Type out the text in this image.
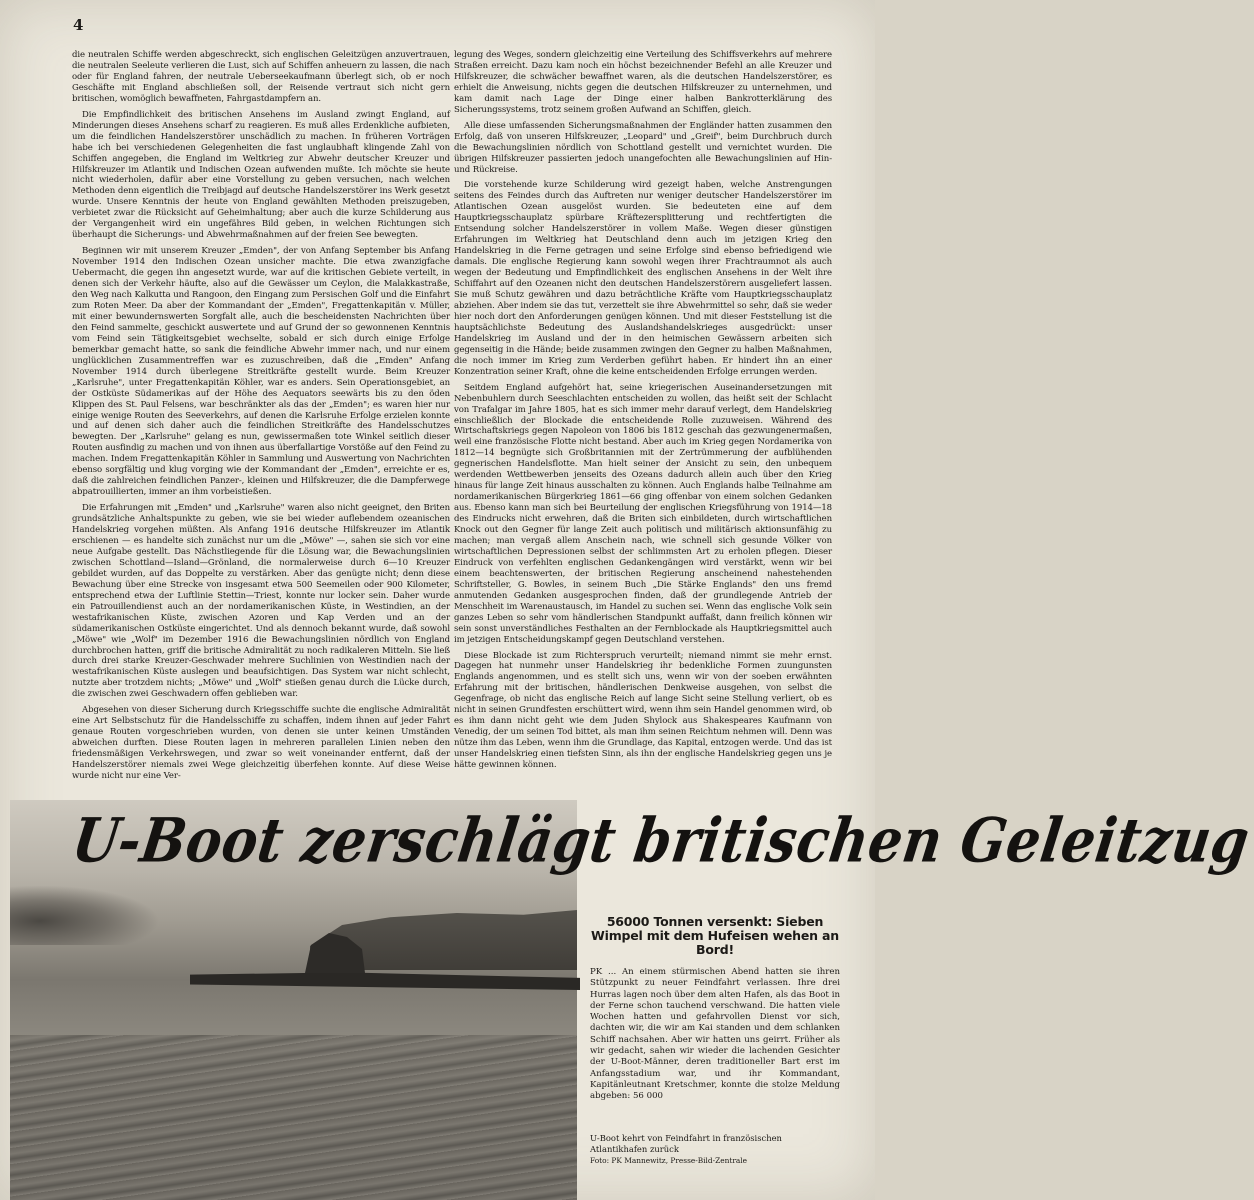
4

die neutralen Schiffe werden abgeschreckt, sich englischen Geleitzügen anzuvertrauen, die neutralen Seeleute verlieren die Lust, sich auf Schiffen anheuern zu lassen, die nach oder für England fahren, der neutrale Ueberseekaufmann überlegt sich, ob er noch Geschäfte mit England abschließen soll, der Reisende vertraut sich nicht gern britischen, womöglich bewaffneten, Fahrgastdampfern an.

Die Empfindlichkeit des britischen Ansehens im Ausland zwingt England, auf Minderungen dieses Ansehens scharf zu reagieren. Es muß alles Erdenkliche aufbieten, um die feindlichen Handelszerstörer unschädlich zu machen. In früheren Vorträgen habe ich bei verschiedenen Gelegenheiten die fast unglaubhaft klingende Zahl von Schiffen angegeben, die England im Weltkrieg zur Abwehr deutscher Kreuzer und Hilfskreuzer im Atlantik und Indischen Ozean aufwenden mußte. Ich möchte sie heute nicht wiederholen, dafür aber eine Vorstellung zu geben versuchen, nach welchen Methoden denn eigentlich die Treibjagd auf deutsche Handelszerstörer ins Werk gesetzt wurde. Unsere Kenntnis der heute von England gewählten Methoden preiszugeben, verbietet zwar die Rücksicht auf Geheimhaltung; aber auch die kurze Schilderung aus der Vergangenheit wird ein ungefähres Bild geben, in welchen Richtungen sich überhaupt die Sicherungs- und Abwehrmaßnahmen auf der freien See bewegten.

Beginnen wir mit unserem Kreuzer „Emden", der von Anfang September bis Anfang November 1914 den Indischen Ozean unsicher machte. Die etwa zwanzigfache Uebermacht, die gegen ihn angesetzt wurde, war auf die kritischen Gebiete verteilt, in denen sich der Verkehr häufte, also auf die Gewässer um Ceylon, die Malakkastraße, den Weg nach Kalkutta und Rangoon, den Eingang zum Persischen Golf und die Einfahrt zum Roten Meer. Da aber der Kommandant der „Emden", Fregattenkapitän v. Müller, mit einer bewundernswerten Sorgfalt alle, auch die bescheidensten Nachrichten über den Feind sammelte, geschickt auswertete und auf Grund der so gewonnenen Kenntnis vom Feind sein Tätigkeitsgebiet wechselte, sobald er sich durch einige Erfolge bemerkbar gemacht hatte, so sank die feindliche Abwehr immer nach, und nur einem unglücklichen Zusammentreffen war es zuzuschreiben, daß die „Emden" Anfang November 1914 durch überlegene Streitkräfte gestellt wurde. Beim Kreuzer „Karlsruhe", unter Fregattenkapitän Köhler, war es anders. Sein Operationsgebiet, an der Ostküste Südamerikas auf der Höhe des Aequators seewärts bis zu den öden Klippen des St. Paul Felsens, war beschränkter als das der „Emden"; es waren hier nur einige wenige Routen des Seeverkehrs, auf denen die Karlsruhe Erfolge erzielen konnte und auf denen sich daher auch die feindlichen Streitkräfte des Handelsschutzes bewegten. Der „Karlsruhe" gelang es nun, gewissermaßen tote Winkel seitlich dieser Routen ausfindig zu machen und von ihnen aus überfallartige Vorstöße auf den Feind zu machen. Indem Fregattenkapitän Köhler in Sammlung und Auswertung von Nachrichten ebenso sorgfältig und klug vorging wie der Kommandant der „Emden", erreichte er es, daß die zahlreichen feindlichen Panzer-, kleinen und Hilfskreuzer, die die Dampferwege abpatrouillierten, immer an ihm vorbeistießen.

Die Erfahrungen mit „Emden" und „Karlsruhe" waren also nicht geeignet, den Briten grundsätzliche Anhaltspunkte zu geben, wie sie bei wieder auflebendem ozeanischen Handelskrieg vorgehen müßten. Als Anfang 1916 deutsche Hilfskreuzer im Atlantik erschienen — es handelte sich zunächst nur um die „Möwe" —, sahen sie sich vor eine neue Aufgabe gestellt. Das Nächstliegende für die Lösung war, die Bewachungslinien zwischen Schottland—Island—Grönland, die normalerweise durch 6—10 Kreuzer gebildet wurden, auf das Doppelte zu verstärken. Aber das genügte nicht; denn diese Bewachung über eine Strecke von insgesamt etwa 500 Seemeilen oder 900 Kilometer, entsprechend etwa der Luftlinie Stettin—Triest, konnte nur locker sein. Daher wurde ein Patrouillendienst auch an der nordamerikanischen Küste, in Westindien, an der westafrikanischen Küste, zwischen Azoren und Kap Verden und an der südamerikanischen Ostküste eingerichtet. Und als dennoch bekannt wurde, daß sowohl „Möwe" wie „Wolf" im Dezember 1916 die Bewachungslinien nördlich von England durchbrochen hatten, griff die britische Admiralität zu noch radikaleren Mitteln. Sie ließ durch drei starke Kreuzer-Geschwader mehrere Suchlinien von Westindien nach der westafrikanischen Küste auslegen und beaufsichtigen. Das System war nicht schlecht, nutzte aber trotzdem nichts; „Möwe" und „Wolf" stießen genau durch die Lücke durch, die zwischen zwei Geschwadern offen geblieben war.

Abgesehen von dieser Sicherung durch Kriegsschiffe suchte die englische Admiralität eine Art Selbstschutz für die Handelsschiffe zu schaffen, indem ihnen auf jeder Fahrt genaue Routen vorgeschrieben wurden, von denen sie unter keinen Umständen abweichen durften. Diese Routen lagen in mehreren parallelen Linien neben den friedensmäßigen Verkehrswegen, und zwar so weit voneinander entfernt, daß der Handelszerstörer niemals zwei Wege gleichzeitig überfehen konnte. Auf diese Weise wurde nicht nur eine Ver-

legung des Weges, sondern gleichzeitig eine Verteilung des Schiffsverkehrs auf mehrere Straßen erreicht. Dazu kam noch ein höchst bezeichnender Befehl an alle Kreuzer und Hilfskreuzer, die schwächer bewaffnet waren, als die deutschen Handelszerstörer, es erhielt die Anweisung, nichts gegen die deutschen Hilfskreuzer zu unternehmen, und kam damit nach Lage der Dinge einer halben Bankrotterklärung des Sicherungssystems, trotz seinem großen Aufwand an Schiffen, gleich.

Alle diese umfassenden Sicherungsmaßnahmen der Engländer hatten zusammen den Erfolg, daß von unseren Hilfskreuzer, „Leopard" und „Greif", beim Durchbruch durch die Bewachungslinien nördlich von Schottland gestellt und vernichtet wurden. Die übrigen Hilfskreuzer passierten jedoch unangefochten alle Bewachungslinien auf Hin- und Rückreise.

Die vorstehende kurze Schilderung wird gezeigt haben, welche Anstrengungen seitens des Feindes durch das Auftreten nur weniger deutscher Handelszerstörer im Atlantischen Ozean ausgelöst wurden. Sie bedeuteten eine auf dem Hauptkriegsschauplatz spürbare Kräftezersplitterung und rechtfertigten die Entsendung solcher Handelszerstörer in vollem Maße. Wegen dieser günstigen Erfahrungen im Weltkrieg hat Deutschland denn auch im jetzigen Krieg den Handelskrieg in die Ferne getragen und seine Erfolge sind ebenso befriedigend wie damals. Die englische Regierung kann sowohl wegen ihrer Frachtraumnot als auch wegen der Bedeutung und Empfindlichkeit des englischen Ansehens in der Welt ihre Schiffahrt auf den Ozeanen nicht den deutschen Handelszerstörern ausgeliefert lassen. Sie muß Schutz gewähren und dazu beträchtliche Kräfte vom Hauptkriegsschauplatz abziehen. Aber indem sie das tut, verzettelt sie ihre Abwehrmittel so sehr, daß sie weder hier noch dort den Anforderungen genügen können. Und mit dieser Feststellung ist die hauptsächlichste Bedeutung des Auslandshandelskrieges ausgedrückt: unser Handelskrieg im Ausland und der in den heimischen Gewässern arbeiten sich gegenseitig in die Hände; beide zusammen zwingen den Gegner zu halben Maßnahmen, die noch immer im Krieg zum Verderben geführt haben. Er hindert ihn an einer Konzentration seiner Kraft, ohne die keine entscheidenden Erfolge errungen werden.

Seitdem England aufgehört hat, seine kriegerischen Auseinandersetzungen mit Nebenbuhlern durch Seeschlachten entscheiden zu wollen, das heißt seit der Schlacht von Trafalgar im Jahre 1805, hat es sich immer mehr darauf verlegt, dem Handelskrieg einschließlich der Blockade die entscheidende Rolle zuzuweisen. Während des Wirtschaftskriegs gegen Napoleon von 1806 bis 1812 geschah das gezwungenermaßen, weil eine französische Flotte nicht bestand. Aber auch im Krieg gegen Nordamerika von 1812—14 begnügte sich Großbritannien mit der Zertrümmerung der aufblühenden gegnerischen Handelsflotte. Man hielt seiner der Ansicht zu sein, den unbequem werdenden Wettbewerben jenseits des Ozeans dadurch allein auch über den Krieg hinaus für lange Zeit hinaus ausschalten zu können. Auch Englands halbe Teilnahme am nordamerikanischen Bürgerkrieg 1861—66 ging offenbar von einem solchen Gedanken aus. Ebenso kann man sich bei Beurteilung der englischen Kriegsführung von 1914—18 des Eindrucks nicht erwehren, daß die Briten sich einbildeten, durch wirtschaftlichen Knock out den Gegner für lange Zeit auch politisch und militärisch aktionsunfähig zu machen; man vergaß allem Anschein nach, wie schnell sich gesunde Völker von wirtschaftlichen Depressionen selbst der schlimmsten Art zu erholen pflegen. Dieser Eindruck von verfehlten englischen Gedankengängen wird verstärkt, wenn wir bei einem beachtenswerten, der britischen Regierung anscheinend nahestehenden Schriftsteller, G. Bowles, in seinem Buch „Die Stärke Englands" den uns fremd anmutenden Gedanken ausgesprochen finden, daß der grundlegende Antrieb der Menschheit im Warenaustausch, im Handel zu suchen sei. Wenn das englische Volk sein ganzes Leben so sehr vom händlerischen Standpunkt auffaßt, dann freilich können wir sein sonst unverständliches Festhalten an der Fernblockade als Hauptkriegsmittel auch im jetzigen Entscheidungskampf gegen Deutschland verstehen.

Diese Blockade ist zum Richterspruch verurteilt; niemand nimmt sie mehr ernst. Dagegen hat nunmehr unser Handelskrieg ihr bedenkliche Formen zuungunsten Englands angenommen, und es stellt sich uns, wenn wir von der soeben erwähnten Erfahrung mit der britischen, händlerischen Denkweise ausgehen, von selbst die Gegenfrage, ob nicht das englische Reich auf lange Sicht seine Stellung verliert, ob es nicht in seinen Grundfesten erschüttert wird, wenn ihm sein Handel genommen wird, ob es ihm dann nicht geht wie dem Juden Shylock aus Shakespeares Kaufmann von Venedig, der um seinen Tod bittet, als man ihm seinen Reichtum nehmen will. Denn was nütze ihm das Leben, wenn ihm die Grundlage, das Kapital, entzogen werde. Und das ist unser Handelskrieg einen tiefsten Sinn, als ihn der englische Handelskrieg gegen uns je hätte gewinnen können.

U-Boot zerschlägt britischen Geleitzug
56000 Tonnen versenkt: Sieben Wimpel mit dem Hufeisen wehen an Bord!

PK ... An einem stürmischen Abend hatten sie ihren Stützpunkt zu neuer Feindfahrt verlassen. Ihre drei Hurras lagen noch über dem alten Hafen, als das Boot in der Ferne schon tauchend verschwand. Die hatten viele Wochen hatten und gefahrvollen Dienst vor sich, dachten wir, die wir am Kai standen und dem schlanken Schiff nachsahen. Aber wir hatten uns geirrt. Früher als wir gedacht, sahen wir wieder die lachenden Gesichter der U-Boot-Männer, deren traditioneller Bart erst im Anfangsstadium war, und ihr Kommandant, Kapitänleutnant Kretschmer, konnte die stolze Meldung abgeben: 56 000

U-Boot kehrt von Feindfahrt in französischen Atlantikhafen zurück
Foto: PK Mannewitz, Presse-Bild-Zentrale
